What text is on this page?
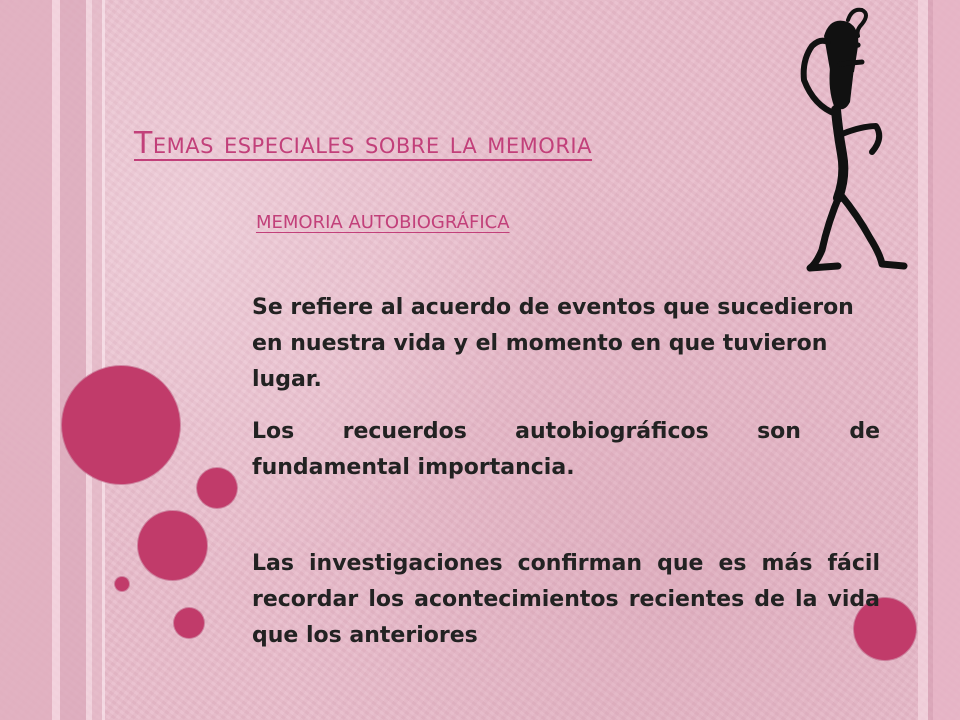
Temas especiales sobre la memoria
MEMORIA AUTOBIOGRÁFICA

Se refiere al acuerdo de eventos que sucedieron en nuestra vida y el momento en que tuvieron lugar.

Los recuerdos autobiográficos son de fundamental importancia.

Las investigaciones confirman que es más fácil recordar los acontecimientos recientes de la vida que los anteriores
